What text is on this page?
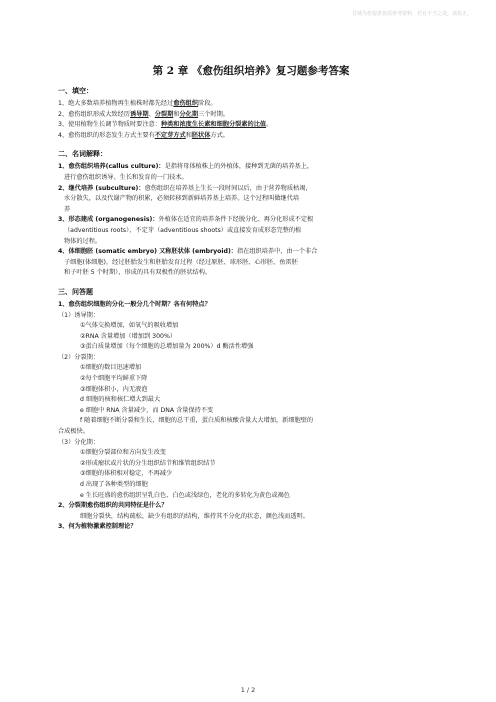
首城为您提供优质参考资料，若有不当之处，请指正。
第 2 章 《愈伤组织培养》复习题参考答案
一、填空：
1、绝大多数培养植物再生植株时都先经过愈伤组织阶段。
2、愈伤组织形成大致经历诱导期、分裂期和分化期三个时期。
3、使用植物生长调节物质时要注意：种类和浓度生长素和细胞分裂素的比值。
4、愈伤组织的形态发生方式主要有不定芽方式和胚状体方式。
二、名词解释：
1、愈伤组织培养(callus culture)：是指将母体植株上的外植体，接种到无菌的培养基上，
进行愈伤组织诱导、生长和发育的一门技术。
2、继代培养 (subculture)：愈伤组织在培养基上生长一段时间以后，由于营养物质枯竭，
水分散失，以及代谢产物的积累，必须转移到新鲜培养基上培养。这个过程叫做继代培
养
3、形态建成 (organogenesis)：外植体在适宜的培养条件下经脱分化、再分化形成不定根
（adventitious roots）、不定芽（adventitious shoots）或直接发育成形态完整的植
物体的过程。
4、体细胞胚 (somatic embryo) 又称胚状体 (embryoid)：指在组织培养中，由一个非合
子细胞(体细胞)，经过胚胎发生和胚胎发育过程（经过原胚、球形胚、心形胚、鱼雷胚
和子叶胚 5 个时期），形成的具有双极性的胚状结构。
三、问答题
1、愈伤组织细胞的分化一般分几个时期？各有何特点？
（1）诱导期：
①气体交换增加，如氧气的吸收增加
②RNA 含量增加（增加到 300%）
③蛋白质量增加（每个细胞的总增加量为 200%）d 酶活性增强
（2）分裂期：
①细胞的数目迅速增加
②每个细胞平均鲜重下降
③细胞体积小，内无液泡
d 细胞的核和核仁增大到最大
e 细胞中 RNA 含量减少，而 DNA 含量保持不变
f 随着细胞不断分裂和生长，细胞的总干重，蛋白质和核酸含量大大增加，新细胞壁的
合成极快。
（3）分化期：
①细胞分裂部位和方向发生改变
②形成瘤状或片状的分生组织结节和维管组织结节
③细胞的体积相对稳定，不再减少
d 出现了各种类型的细胞
e 生长旺盛的愈伤组织呈乳白色、白色或浅绿色，老化的多转化为黄色或褐色
2、分裂期愈伤组织的共同特征是什么？
细胞分裂快，结构疏松，缺少有组织的结构，维持其不分化的状态，颜色浅而透明。
3、何为植物激素控制理论？
1 / 2
